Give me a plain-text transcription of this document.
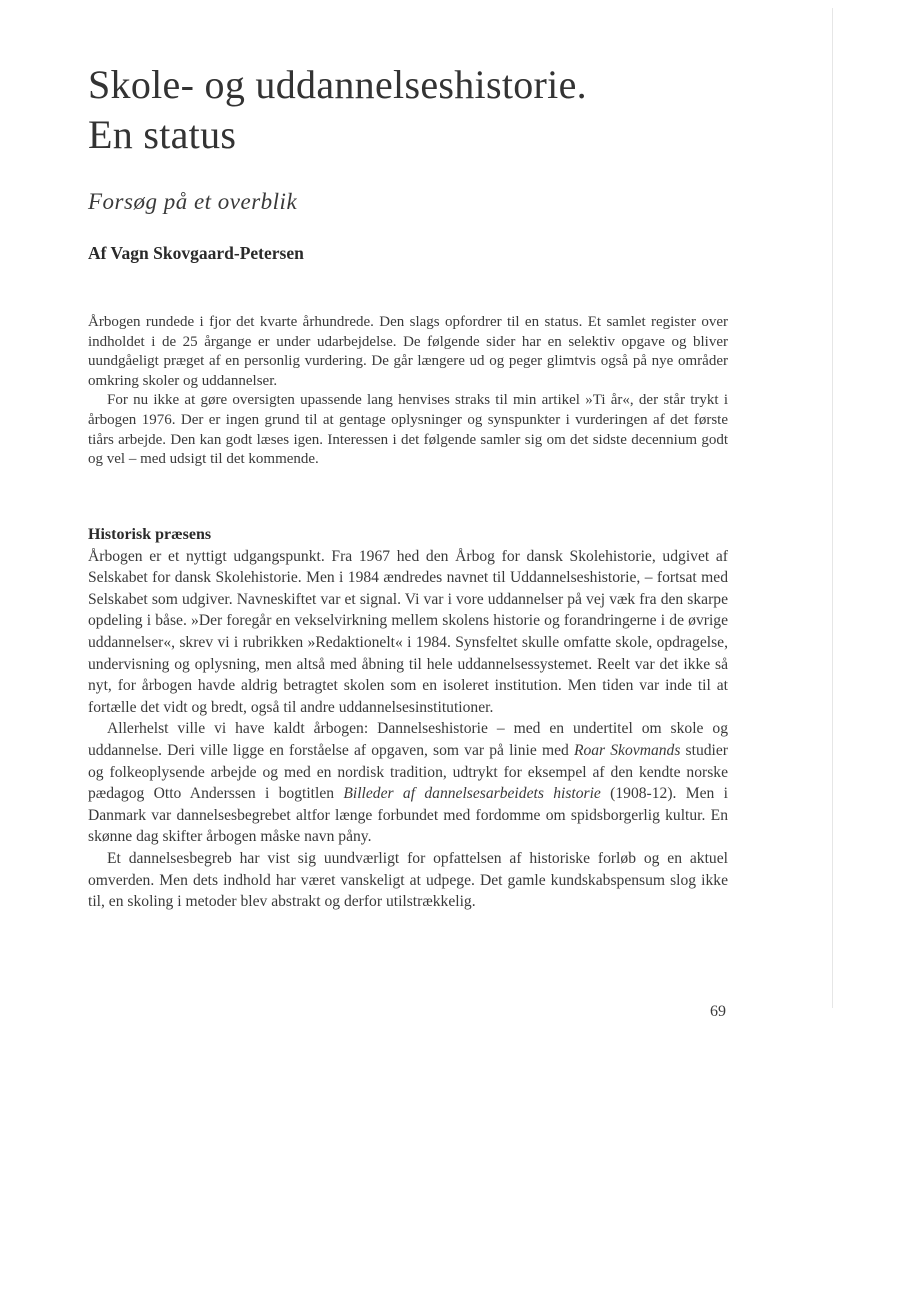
Skole- og uddannelseshistorie.
En status
Forsøg på et overblik
Af Vagn Skovgaard-Petersen

Årbogen rundede i fjor det kvarte århundrede. Den slags opfordrer til en status. Et samlet register over indholdet i de 25 årgange er under udarbejdelse. De følgende sider har en selektiv opgave og bliver uundgåeligt præget af en personlig vurdering. De går længere ud og peger glimtvis også på nye områder omkring skoler og uddannelser.

For nu ikke at gøre oversigten upassende lang henvises straks til min artikel »Ti år«, der står trykt i årbogen 1976. Der er ingen grund til at gentage oplysninger og synspunkter i vurderingen af det første tiårs arbejde. Den kan godt læses igen. Interessen i det følgende samler sig om det sidste decennium godt og vel – med udsigt til det kommende.

Historisk præsens

Årbogen er et nyttigt udgangspunkt. Fra 1967 hed den Årbog for dansk Skolehistorie, udgivet af Selskabet for dansk Skolehistorie. Men i 1984 ændredes navnet til Uddannelseshistorie, – fortsat med Selskabet som udgiver. Navneskiftet var et signal. Vi var i vore uddannelser på vej væk fra den skarpe opdeling i båse. »Der foregår en vekselvirkning mellem skolens historie og forandringerne i de øvrige uddannelser«, skrev vi i rubrikken »Redaktionelt« i 1984. Synsfeltet skulle omfatte skole, opdragelse, undervisning og oplysning, men altså med åbning til hele uddannelsessystemet. Reelt var det ikke så nyt, for årbogen havde aldrig betragtet skolen som en isoleret institution. Men tiden var inde til at fortælle det vidt og bredt, også til andre uddannelsesinstitutioner.

Allerhelst ville vi have kaldt årbogen: Dannelseshistorie – med en undertitel om skole og uddannelse. Deri ville ligge en forståelse af opgaven, som var på linie med Roar Skovmands studier og folkeoplysende arbejde og med en nordisk tradition, udtrykt for eksempel af den kendte norske pædagog Otto Anderssen i bogtitlen Billeder af dannelsesarbeidets historie (1908-12). Men i Danmark var dannelsesbegrebet altfor længe forbundet med fordomme om spidsborgerlig kultur. En skønne dag skifter årbogen måske navn påny.

Et dannelsesbegreb har vist sig uundværligt for opfattelsen af historiske forløb og en aktuel omverden. Men dets indhold har været vanskeligt at udpege. Det gamle kundskabspensum slog ikke til, en skoling i metoder blev abstrakt og derfor utilstrækkelig.

69
